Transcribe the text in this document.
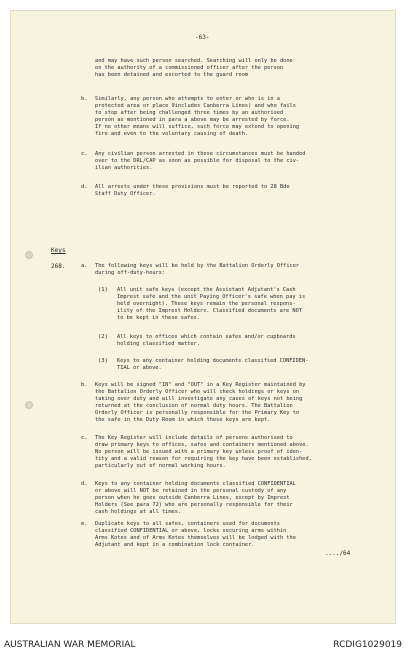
-63-
and may have such person searched. Searching will only be done
on the authority of a commissioned officer after the person
has been detained and escorted to the guard room
b. Similarly, any person who attempts to enter or who is in a
protected area or place 9includes Canberra Lines) and who fails
to stop after being challenged three times by an authorised
person as mentioned in para a above may be arrested by force.
If no other means will suffice, such force may extend to opening
fire and even to the voluntary causing of death.
c. Any civilian person arrested in these circumstances must be handed
over to the DRL/CAP as soon as possible for disposal to the civ-
ilian authorities.
d. All arrests under these provisions must be reported to 28 Bde
Staff Duty Officer.
Keys
268.	a. The following keys will be held by the Battalion Orderly Officer
during off-duty-hours:
(1) All unit safe keys (except the Assistant Adjutant's Cash
Imprest safe and the unit Paying Officer's safe when pay is
held overnight). These keys remain the personal respons-
ility of the Imprest Holders. Classified documents are NOT
to be kept in these safes.
(2) All keys to offices which contain safes and/or cupboards
holding classified matter.
(3) Keys to any container holding documents classified CONFIDEN-
TIAL or above.
b. Keys will be signed "IN" and "OUT" in a Key Register maintained by
the Battalion Orderly Officer who will check holdings or keys on
taking over duty and will investigate any cases of keys not being
returned at the conclusion of normal duty hours. The Battalion
Orderly Officer is personally responsible for the Primary Key to
the safe in the Duty Room in which these keys are kept.
c. The Key Register will include details of persons authorised to
draw primary keys to offices, safes and containers mentioned above.
No person will be issued with a primary key unless proof of iden-
tity and a valid reason for requiring the key have been established,
particularly out of normal working hours.
d. Keys to any container holding documents classified CONFIDENTIAL
or above will NOT be retained in the personal custody of any
person when he goes outside Canberra Lines, except by Imprest
Holders (See para 72) who are personally responsible for their
cash holdings at all times.
e. Duplicate keys to all safes, containers used for documents
classified CONFIDENTIAL or above, locks securing arms within
Arms Kotes and of Arms Kotes themselves will be lodged with the
Adjutant and kept in a combination lock container.
..../64
AUSTRALIAN WAR MEMORIAL	RCDIG1029019
